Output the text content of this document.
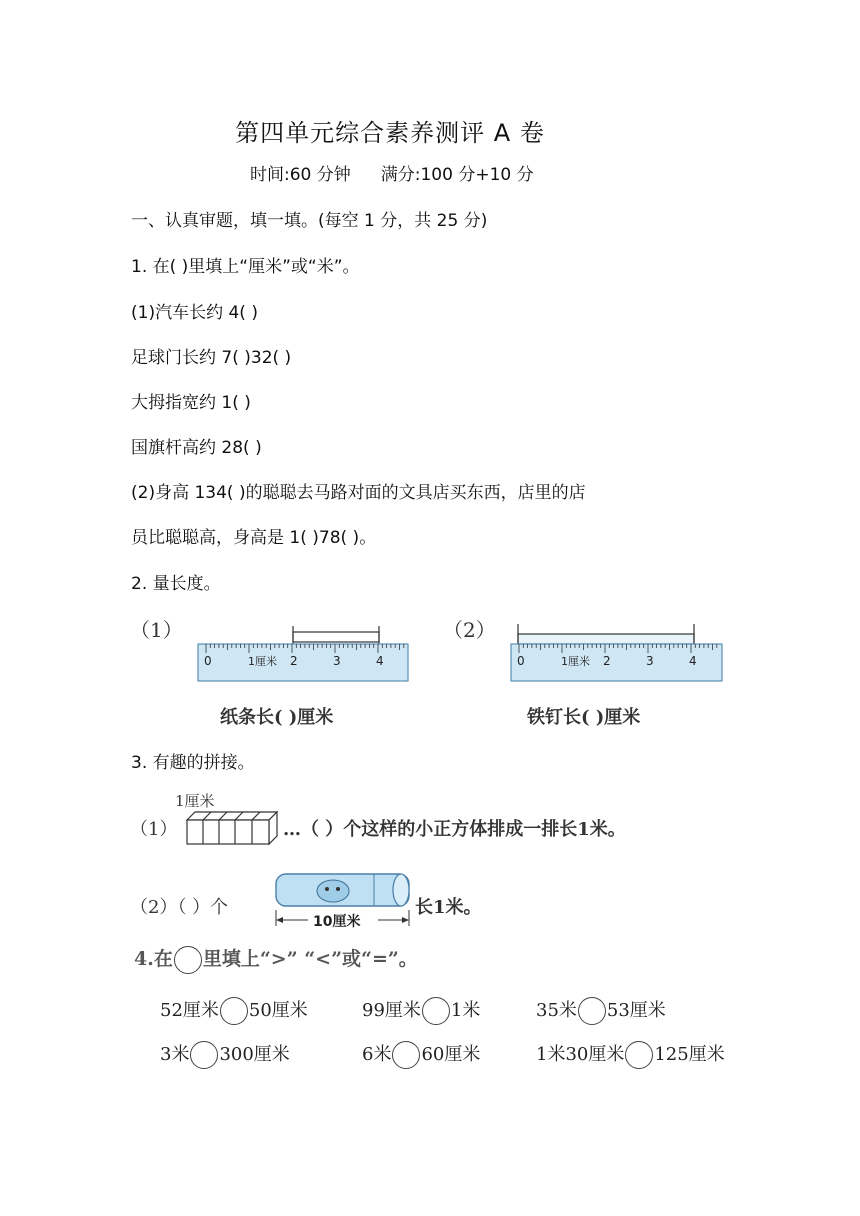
第四单元综合素养测评 A 卷
时间:60 分钟 满分:100 分+10 分
一、认真审题，填一填。(每空 1 分，共 25 分)
1. 在( )里填上“厘米”或“米”。
(1)汽车长约 4( )
足球门长约 7( )32( )
大拇指宽约 1( )
国旗杆高约 28( )
(2)身高 134( )的聪聪去马路对面的文具店买东西，店里的店
员比聪聪高，身高是 1( )78( )。
2. 量长度。
（1）
0	1厘米 2	3	4
纸条长( )厘米
（2）
0	1厘米 2	3	4
铁钉长( )厘米
3. 有趣的拼接。
1厘米
（1）	…（ ）个这样的小正方体排成一排长1米。
（2）（ ）个
10厘米
长1米。
4.在 里填上“>” “<”或“=”。
52厘米 50厘米	99厘米 1米	35米 53厘米
3米 300厘米	6米 60厘米	1米30厘米 125厘米
